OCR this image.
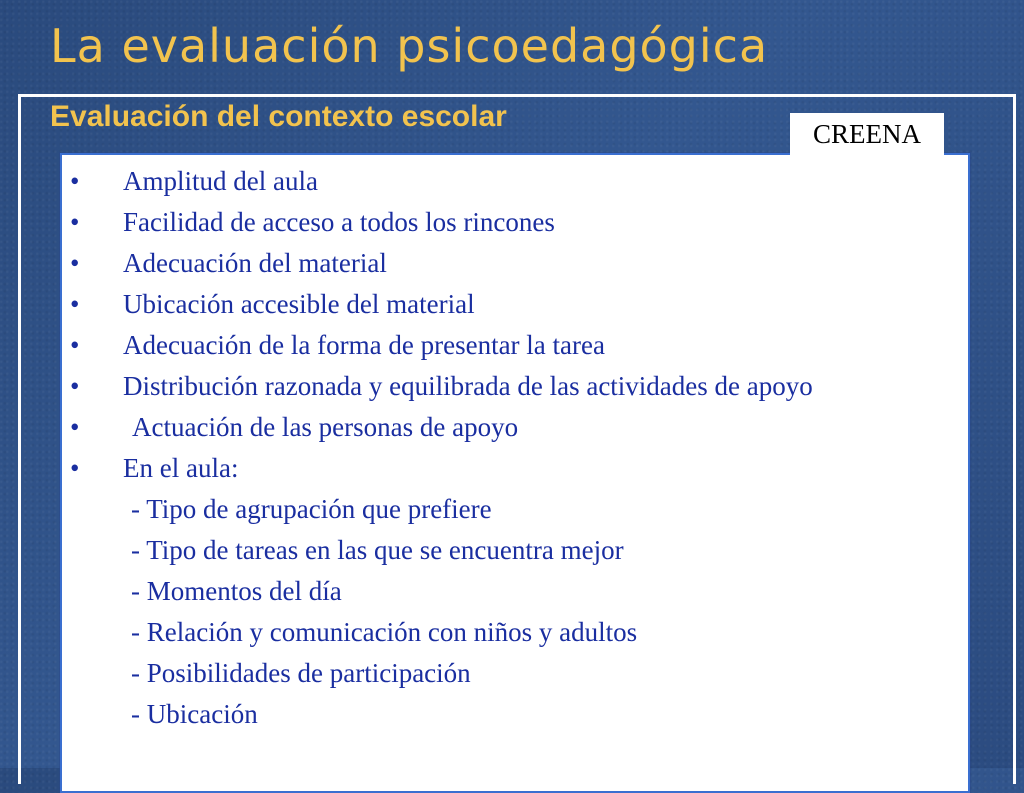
La evaluación psicoedagógica
Evaluación del contexto escolar
•	Amplitud del aula
•	Facilidad de acceso a todos los rincones
•	Adecuación del material
•	Ubicación accesible del material
•	Adecuación de la forma de presentar la tarea
•	Distribución razonada y equilibrada de las actividades de apoyo
•	Actuación de las personas de apoyo
•	En el aula:
- Tipo de agrupación que prefiere
- Tipo de tareas en las que se encuentra mejor
- Momentos del día
- Relación y comunicación con niños y adultos
- Posibilidades de participación
- Ubicación
CREENA
